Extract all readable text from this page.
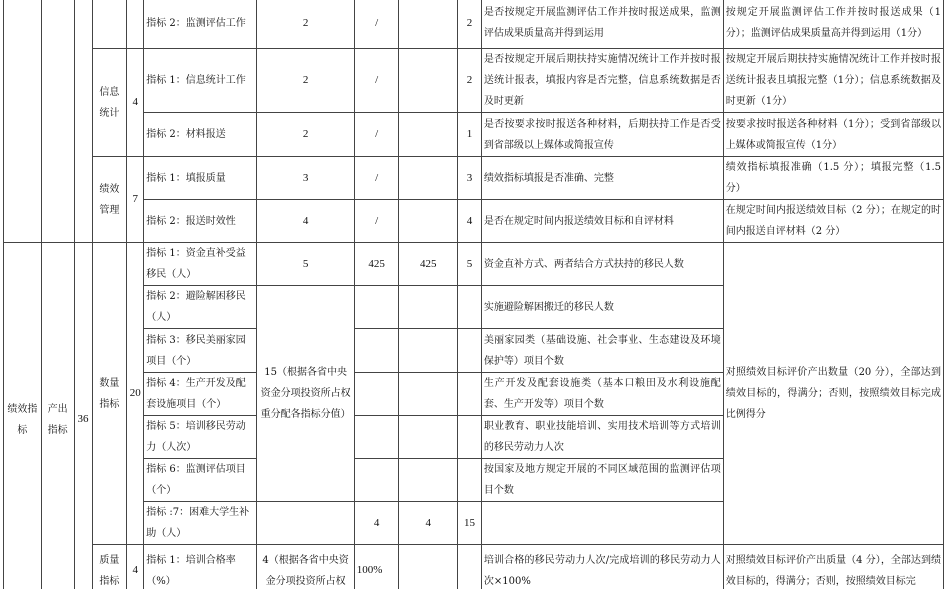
					指标 2：监测评估工作	2	/		2	是否按规定开展监测评估工作并按时报送成果，监测评估成果质量高并得到运用	按规定开展监测评估工作并按时报送成果（1分）；监测评估成果质量高并得到运用（1分）
			信息统计	4	指标 1：信息统计工作	2	/		2	是否按规定开展后期扶持实施情况统计工作并按时报送统计报表，填报内容是否完整，信息系统数据是否及时更新	按规定开展后期扶持实施情况统计工作并按时报送统计报表且填报完整（1分）；信息系统数据及时更新（1分）
					指标 2：材料报送	2	/		1	是否按要求按时报送各种材料，后期扶持工作是否受到省部级以上媒体或简报宣传	按要求按时报送各种材料（1分）；受到省部级以上媒体或简报宣传（1分）
			绩效管理	7	指标 1：填报质量	3	/		3	绩效指标填报是否准确、完整	绩效指标填报准确（1.5 分）；填报完整（1.5 分）
					指标 2：报送时效性	4	/		4	是否在规定时间内报送绩效目标和自评材料	在规定时间内报送绩效目标（2 分）；在规定的时间内报送自评材料（2 分）
绩效指标	产出指标	36	数量指标	20	指标 1：资金直补受益移民（人）	5	425	425	5	资金直补方式、两者结合方式扶持的移民人数	对照绩效目标评价产出数量（20 分），全部达到绩效目标的，得满分；否则，按照绩效目标完成比例得分
					指标 2：避险解困移民（人）	15（根据各省中央资金分项投资所占权重分配各指标分值）				实施避险解困搬迁的移民人数	
					指标 3：移民美丽家园项目（个）					美丽家园类（基础设施、社会事业、生态建设及环境保护等）项目个数	
					指标 4：生产开发及配套设施项目（个）					生产开发及配套设施类（基本口粮田及水利设施配套、生产开发等）项目个数	
					指标 5：培训移民劳动力（人次）					职业教育、职业技能培训、实用技术培训等方式培训的移民劳动力人次	
					指标 6：监测评估项目（个）					按国家及地方规定开展的不同区域范围的监测评估项目个数	
					指标 :7：困难大学生补助（人）		4	4	15		
			质量指标	4	指标 1：培训合格率（%）	4（根据各省中央资金分项投资所占权	100%			培训合格的移民劳动力人次/完成培训的移民劳动力人次×100%	对照绩效目标评价产出质量（4 分），全部达到绩效目标的，得满分；否则，按照绩效目标完
